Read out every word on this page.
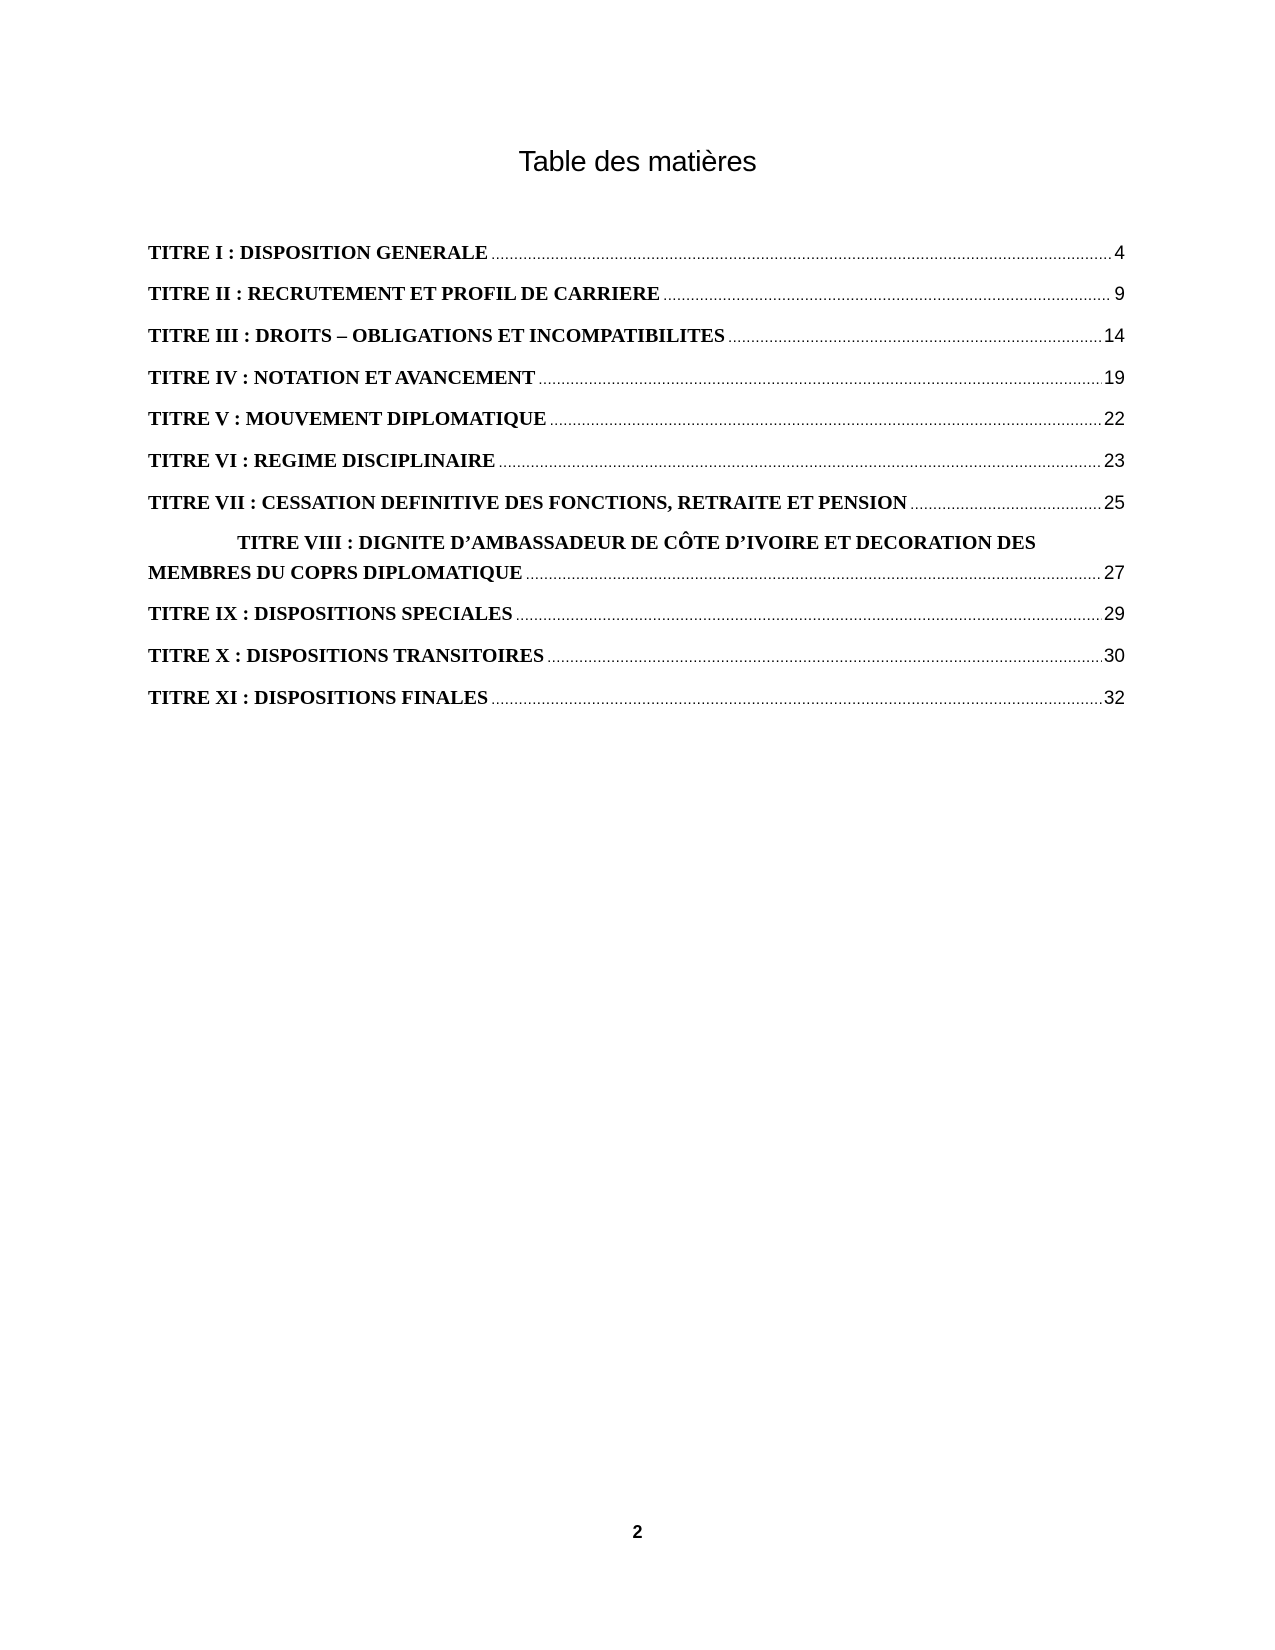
Table des matières
TITRE I : DISPOSITION GENERALE .....	4
TITRE II : RECRUTEMENT ET PROFIL DE CARRIERE .....	9
TITRE III : DROITS – OBLIGATIONS ET INCOMPATIBILITES .....	14
TITRE IV : NOTATION ET AVANCEMENT .....	19
TITRE V : MOUVEMENT DIPLOMATIQUE .....	22
TITRE VI : REGIME DISCIPLINAIRE .....	23
TITRE VII : CESSATION DEFINITIVE DES FONCTIONS, RETRAITE ET PENSION .....	25
TITRE VIII : DIGNITE D’AMBASSADEUR DE CÔTE D’IVOIRE ET DECORATION DES
MEMBRES DU COPRS DIPLOMATIQUE .....	27
TITRE IX : DISPOSITIONS SPECIALES .....	29
TITRE X : DISPOSITIONS TRANSITOIRES .....	30
TITRE XI : DISPOSITIONS FINALES .....	32
2
